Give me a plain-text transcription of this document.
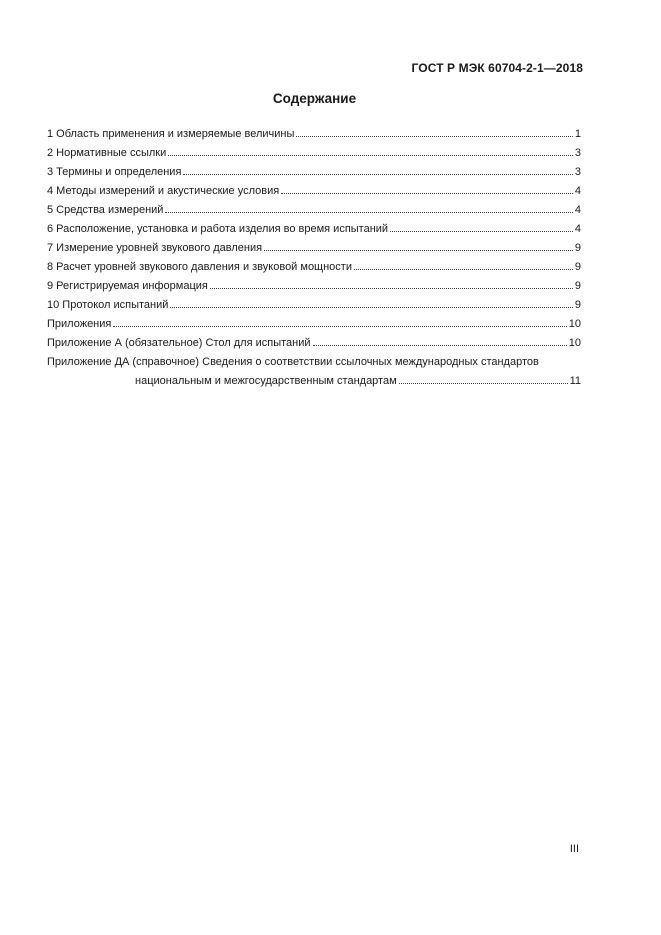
ГОСТ Р МЭК 60704-2-1—2018
Содержание
1 Область применения и измеряемые величины	1
2 Нормативные ссылки	3
3 Термины и определения	3
4 Методы измерений и акустические условия	4
5 Средства измерений	4
6 Расположение, установка и работа изделия во время испытаний	4
7 Измерение уровней звукового давления	9
8 Расчет уровней звукового давления и звуковой мощности	9
9 Регистрируемая информация	9
10 Протокол испытаний	9
Приложения	10
Приложение А (обязательное) Стол для испытаний	10
Приложение ДА (справочное) Сведения о соответствии ссылочных международных стандартов
национальным и межгосударственным стандартам	11
III
